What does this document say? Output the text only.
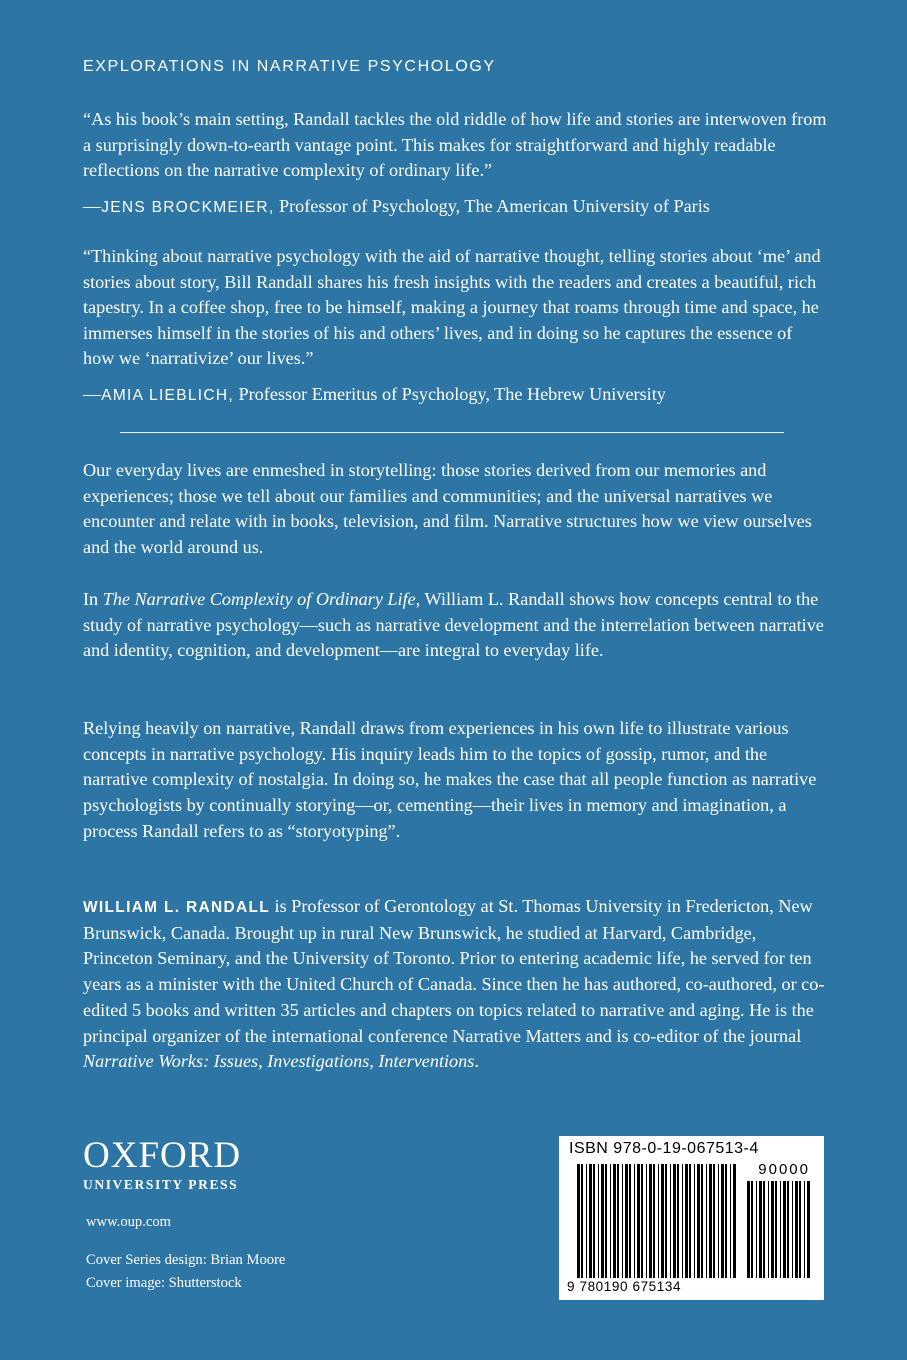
EXPLORATIONS IN NARRATIVE PSYCHOLOGY

“As his book’s main setting, Randall tackles the old riddle of how life and stories are interwoven from a surprisingly down-to-earth vantage point. This makes for straightforward and highly readable reflections on the narrative complexity of ordinary life.”

—JENS BROCKMEIER, Professor of Psychology, The American University of Paris

“Thinking about narrative psychology with the aid of narrative thought, telling stories about ‘me’ and stories about story, Bill Randall shares his fresh insights with the readers and creates a beautiful, rich tapestry. In a coffee shop, free to be himself, making a journey that roams through time and space, he immerses himself in the stories of his and others’ lives, and in doing so he captures the essence of how we ‘narrativize’ our lives.”

—AMIA LIEBLICH, Professor Emeritus of Psychology, The Hebrew University

Our everyday lives are enmeshed in storytelling: those stories derived from our memories and experiences; those we tell about our families and communities; and the universal narratives we encounter and relate with in books, television, and film. Narrative structures how we view ourselves and the world around us.

In The Narrative Complexity of Ordinary Life, William L. Randall shows how concepts central to the study of narrative psychology—such as narrative development and the interrelation between narrative and identity, cognition, and development—are integral to everyday life.

Relying heavily on narrative, Randall draws from experiences in his own life to illustrate various concepts in narrative psychology. His inquiry leads him to the topics of gossip, rumor, and the narrative complexity of nostalgia. In doing so, he makes the case that all people function as narrative psychologists by continually storying—or, cementing—their lives in memory and imagination, a process Randall refers to as “storyotyping”.

WILLIAM L. RANDALL is Professor of Gerontology at St. Thomas University in Fredericton, New Brunswick, Canada. Brought up in rural New Brunswick, he studied at Harvard, Cambridge, Princeton Seminary, and the University of Toronto. Prior to entering academic life, he served for ten years as a minister with the United Church of Canada. Since then he has authored, co-authored, or co-edited 5 books and written 35 articles and chapters on topics related to narrative and aging. He is the principal organizer of the international conference Narrative Matters and is co-editor of the journal Narrative Works: Issues, Investigations, Interventions.

OXFORD
UNIVERSITY PRESS

www.oup.com

Cover Series design: Brian Moore

Cover image: Shutterstock

ISBN 978-0-19-067513-4
90000
9 780190 675134
